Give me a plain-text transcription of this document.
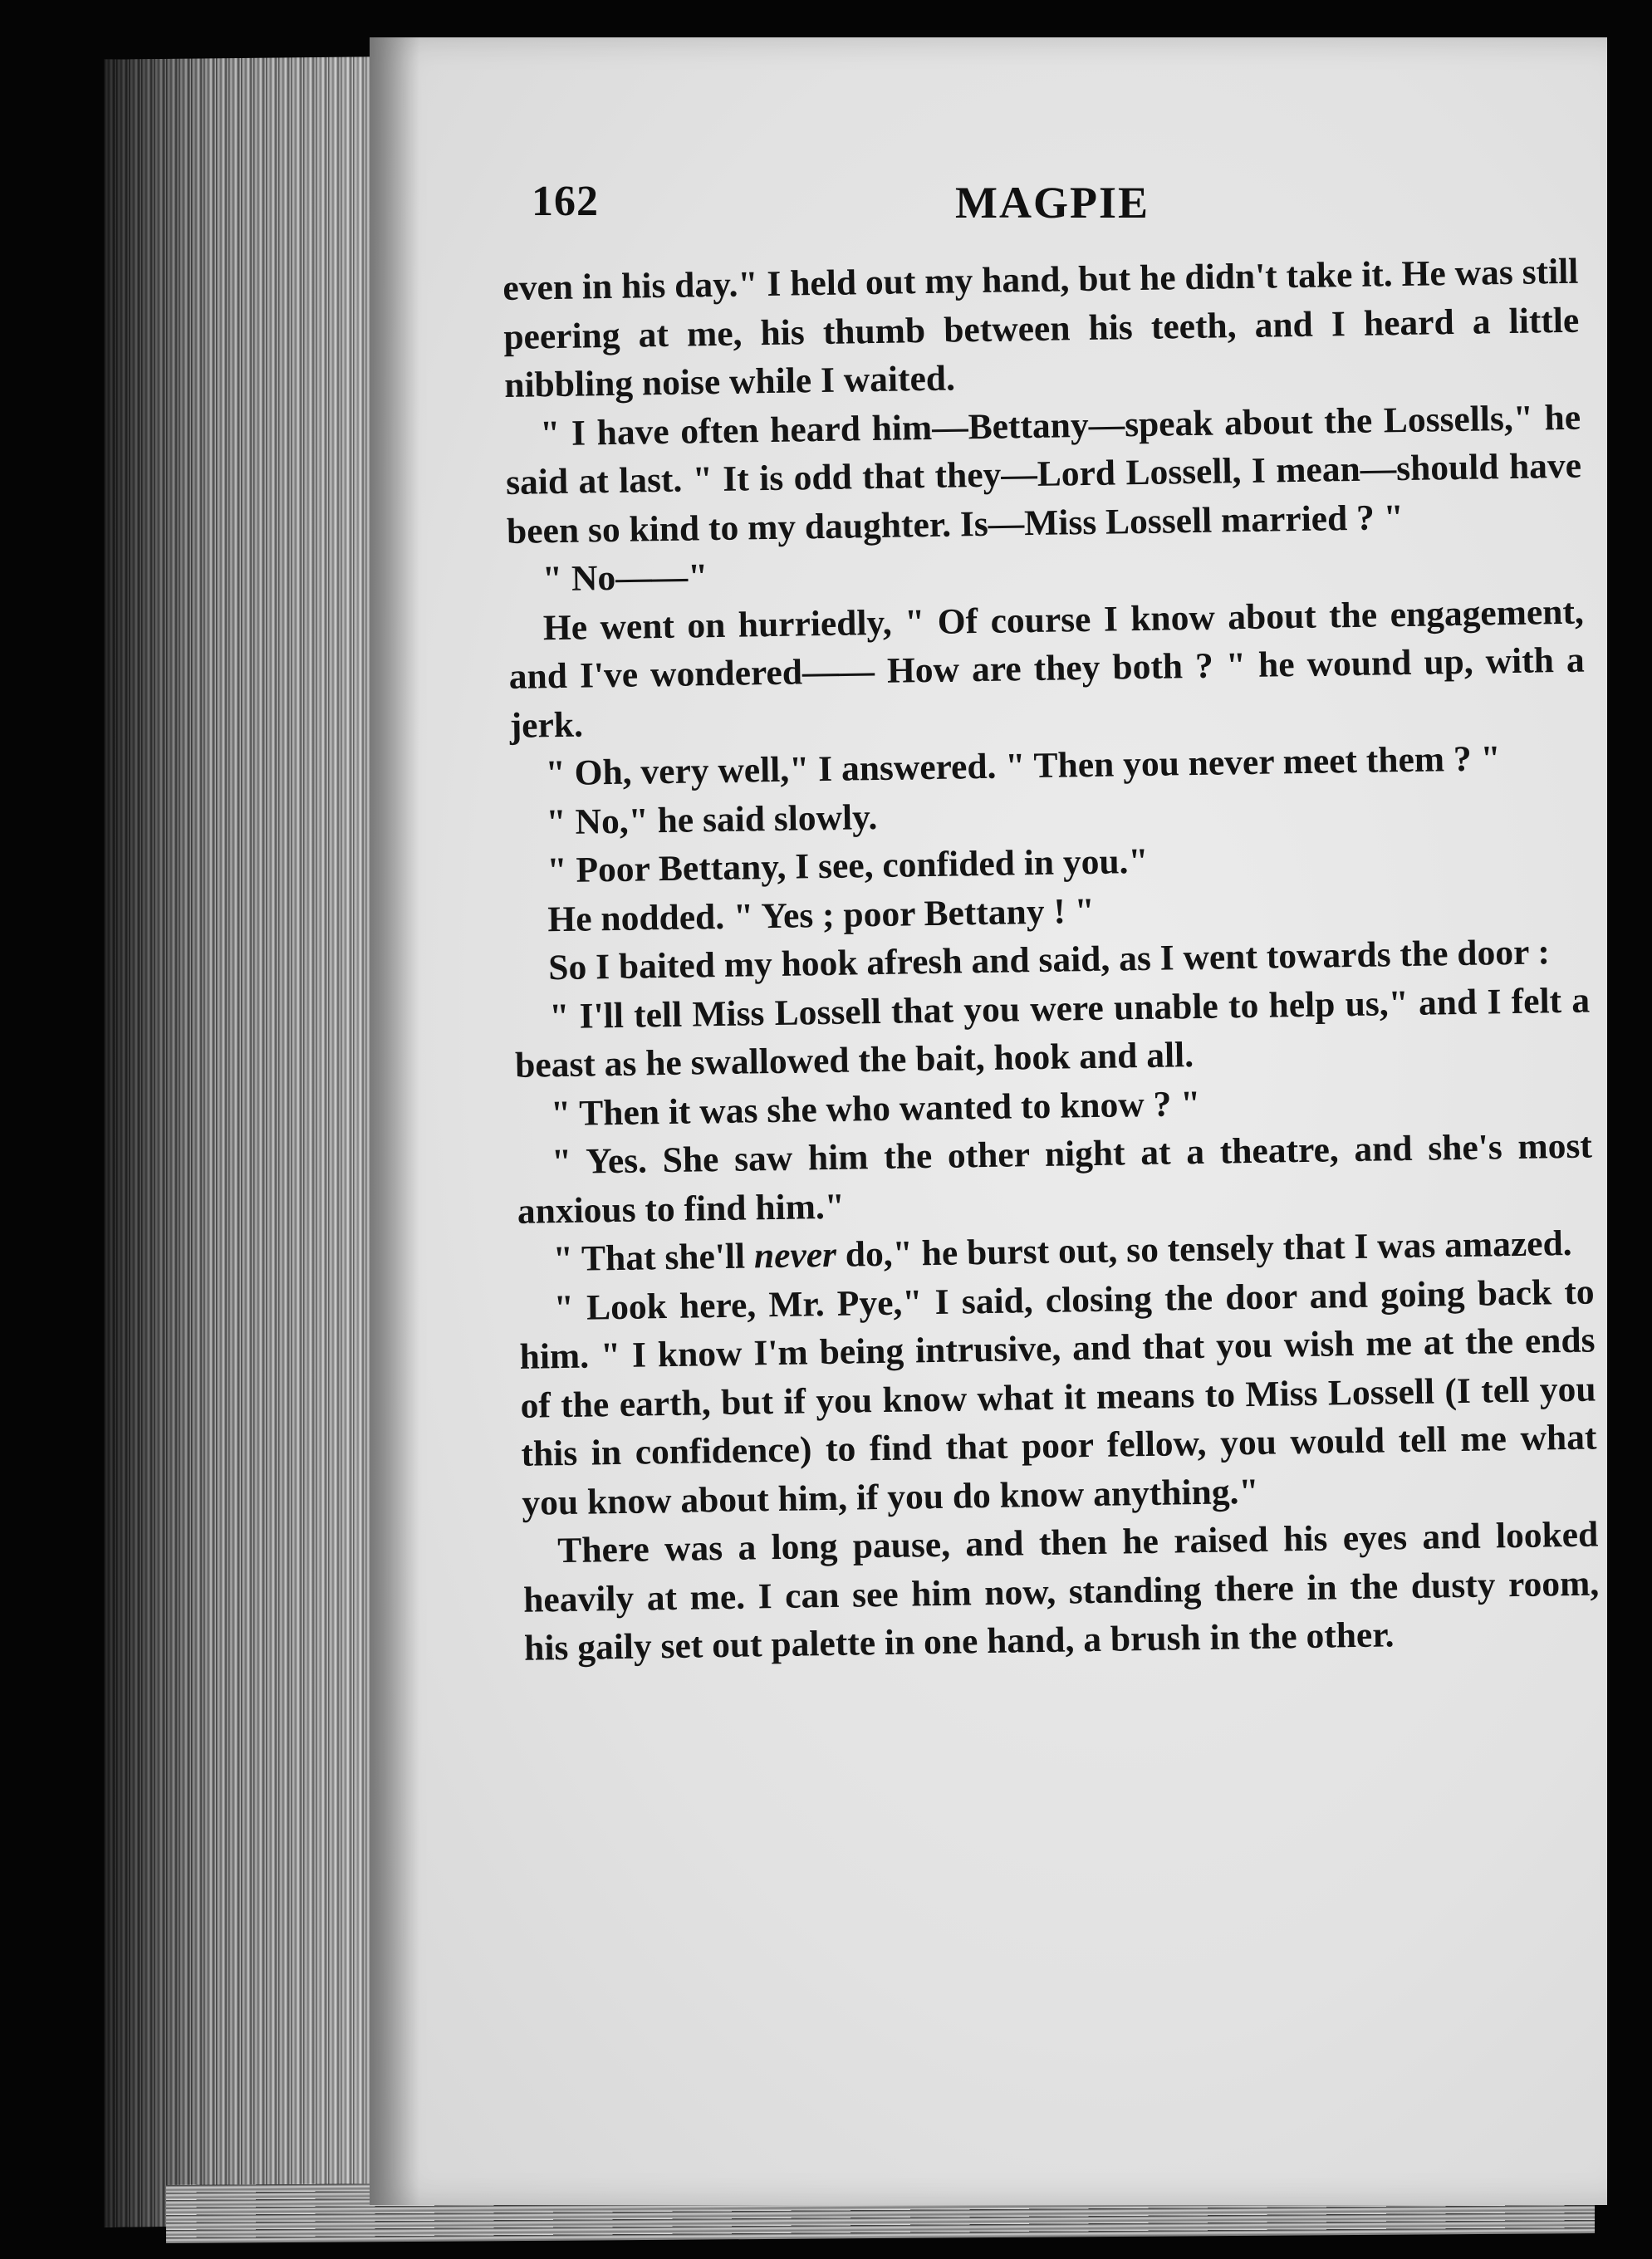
162	MAGPIE

even in his day." I held out my hand, but he didn't take it. He was still peering at me, his thumb between his teeth, and I heard a little nibbling noise while I waited.

" I have often heard him—Bettany—speak about the Lossells," he said at last. " It is odd that they—Lord Lossell, I mean—should have been so kind to my daughter. Is—Miss Lossell married ? "

" No——"

He went on hurriedly, " Of course I know about the engagement, and I've wondered—— How are they both ? " he wound up, with a jerk.

" Oh, very well," I answered. " Then you never meet them ? "

" No," he said slowly.

" Poor Bettany, I see, confided in you."

He nodded. " Yes ; poor Bettany ! "

So I baited my hook afresh and said, as I went towards the door :

" I'll tell Miss Lossell that you were unable to help us," and I felt a beast as he swallowed the bait, hook and all.

" Then it was she who wanted to know ? "

" Yes. She saw him the other night at a theatre, and she's most anxious to find him."

" That she'll never do," he burst out, so tensely that I was amazed.

" Look here, Mr. Pye," I said, closing the door and going back to him. " I know I'm being intrusive, and that you wish me at the ends of the earth, but if you know what it means to Miss Lossell (I tell you this in confidence) to find that poor fellow, you would tell me what you know about him, if you do know anything."

There was a long pause, and then he raised his eyes and looked heavily at me. I can see him now, standing there in the dusty room, his gaily set out palette in one hand, a brush in the other.
